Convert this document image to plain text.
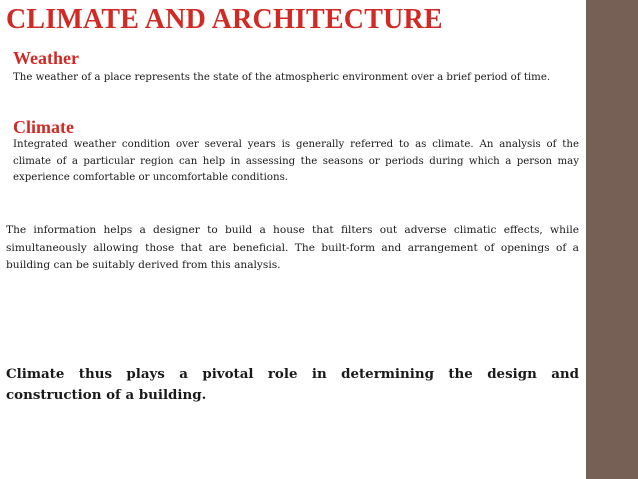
CLIMATE AND ARCHITECTURE
Weather
The weather of a place represents the state of the atmospheric environment over a brief period of time.
Climate
Integrated weather condition over several years is generally referred to as climate. An analysis of the climate of a particular region can help in assessing the seasons or periods during which a person may experience comfortable or uncomfortable conditions.
The information helps a designer to build a house that filters out adverse climatic effects, while simultaneously allowing those that are beneficial. The built-form and arrangement of openings of a building can be suitably derived from this analysis.
Climate thus plays a pivotal role in determining the design and construction of a building.
